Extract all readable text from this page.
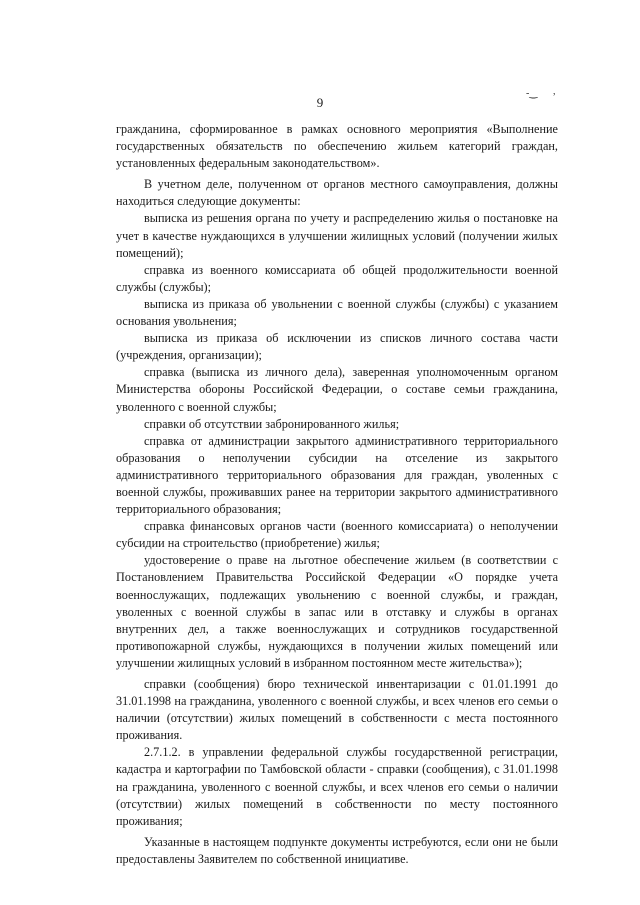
-‿ ,
9

гражданина, сформированное в рамках основного мероприятия «Выполнение государственных обязательств по обеспечению жильем категорий граждан, установленных федеральным законодательством».

В учетном деле, полученном от органов местного самоуправления, должны находиться следующие документы:

выписка из решения органа по учету и распределению жилья о постановке на учет в качестве нуждающихся в улучшении жилищных условий (получении жилых помещений);

справка из военного комиссариата об общей продолжительности военной службы (службы);

выписка из приказа об увольнении с военной службы (службы) с указанием основания увольнения;

выписка из приказа об исключении из списков личного состава части (учреждения, организации);

справка (выписка из личного дела), заверенная уполномоченным органом Министерства обороны Российской Федерации, о составе семьи гражданина, уволенного с военной службы;

справки об отсутствии забронированного жилья;

справка от администрации закрытого административного территориального образования о неполучении субсидии на отселение из закрытого административного территориального образования для граждан, уволенных с военной службы, проживавших ранее на территории закрытого административного территориального образования;

справка финансовых органов части (военного комиссариата) о неполучении субсидии на строительство (приобретение) жилья;

удостоверение о праве на льготное обеспечение жильем (в соответствии с Постановлением Правительства Российской Федерации «О порядке учета военнослужащих, подлежащих увольнению с военной службы, и граждан, уволенных с военной службы в запас или в отставку и службы в органах внутренних дел, а также военнослужащих и сотрудников государственной противопожарной службы, нуждающихся в получении жилых помещений или улучшении жилищных условий в избранном постоянном месте жительства»);

справки (сообщения) бюро технической инвентаризации с 01.01.1991 до 31.01.1998 на гражданина, уволенного с военной службы, и всех членов его семьи о наличии (отсутствии) жилых помещений в собственности с места постоянного проживания.

2.7.1.2. в управлении федеральной службы государственной регистрации, кадастра и картографии по Тамбовской области - справки (сообщения), с 31.01.1998 на гражданина, уволенного с военной службы, и всех членов его семьи о наличии (отсутствии) жилых помещений в собственности по месту постоянного проживания;

Указанные в настоящем подпункте документы истребуются, если они не были предоставлены Заявителем по собственной инициативе.
